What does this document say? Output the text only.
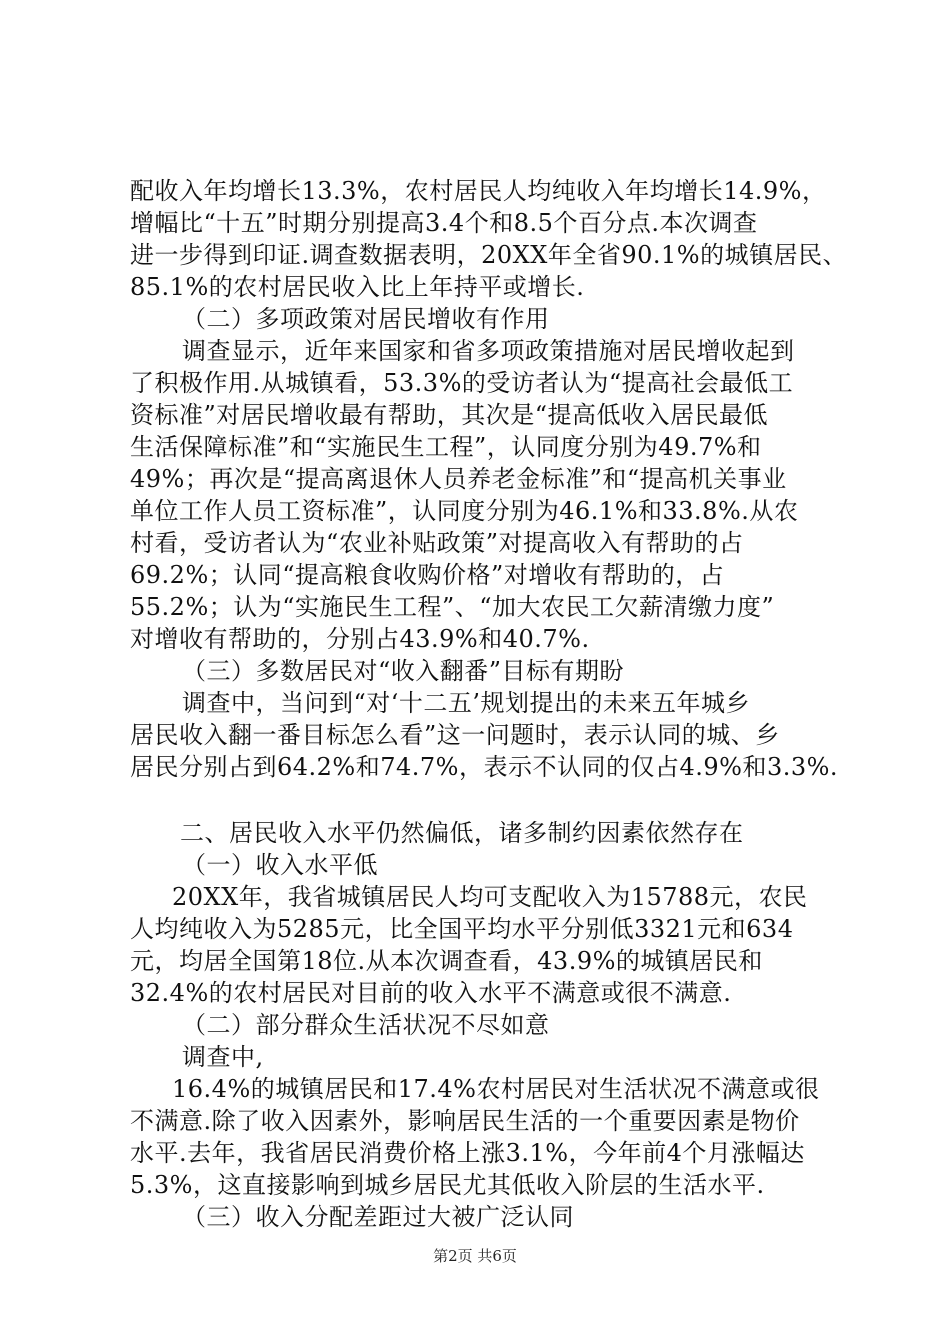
配收入年均增长13.3%，农村居民人均纯收入年均增长14.9%，
增幅比“十五”时期分别提高3.4个和8.5个百分点.本次调查
进一步得到印证.调查数据表明，20XX年全省90.1%的城镇居民、
85.1%的农村居民收入比上年持平或增长.
（二）多项政策对居民增收有作用
调查显示，近年来国家和省多项政策措施对居民增收起到
了积极作用.从城镇看，53.3%的受访者认为“提高社会最低工
资标准”对居民增收最有帮助，其次是“提高低收入居民最低
生活保障标准”和“实施民生工程”，认同度分别为49.7%和
49%；再次是“提高离退休人员养老金标准”和“提高机关事业
单位工作人员工资标准”，认同度分别为46.1%和33.8%.从农
村看，受访者认为“农业补贴政策”对提高收入有帮助的占
69.2%；认同“提高粮食收购价格”对增收有帮助的，占
55.2%；认为“实施民生工程”、“加大农民工欠薪清缴力度”
对增收有帮助的，分别占43.9%和40.7%.
（三）多数居民对“收入翻番”目标有期盼
调查中，当问到“对‘十二五’规划提出的未来五年城乡
居民收入翻一番目标怎么看”这一问题时，表示认同的城、乡
居民分别占到64.2%和74.7%，表示不认同的仅占4.9%和3.3%.
二、居民收入水平仍然偏低，诸多制约因素依然存在
（一）收入水平低
20XX年，我省城镇居民人均可支配收入为15788元，农民
人均纯收入为5285元，比全国平均水平分别低3321元和634
元，均居全国第18位.从本次调查看，43.9%的城镇居民和
32.4%的农村居民对目前的收入水平不满意或很不满意.
（二）部分群众生活状况不尽如意
调查中,
16.4%的城镇居民和17.4%农村居民对生活状况不满意或很
不满意.除了收入因素外，影响居民生活的一个重要因素是物价
水平.去年，我省居民消费价格上涨3.1%，今年前4个月涨幅达
5.3%，这直接影响到城乡居民尤其低收入阶层的生活水平.
（三）收入分配差距过大被广泛认同
第2页 共6页
